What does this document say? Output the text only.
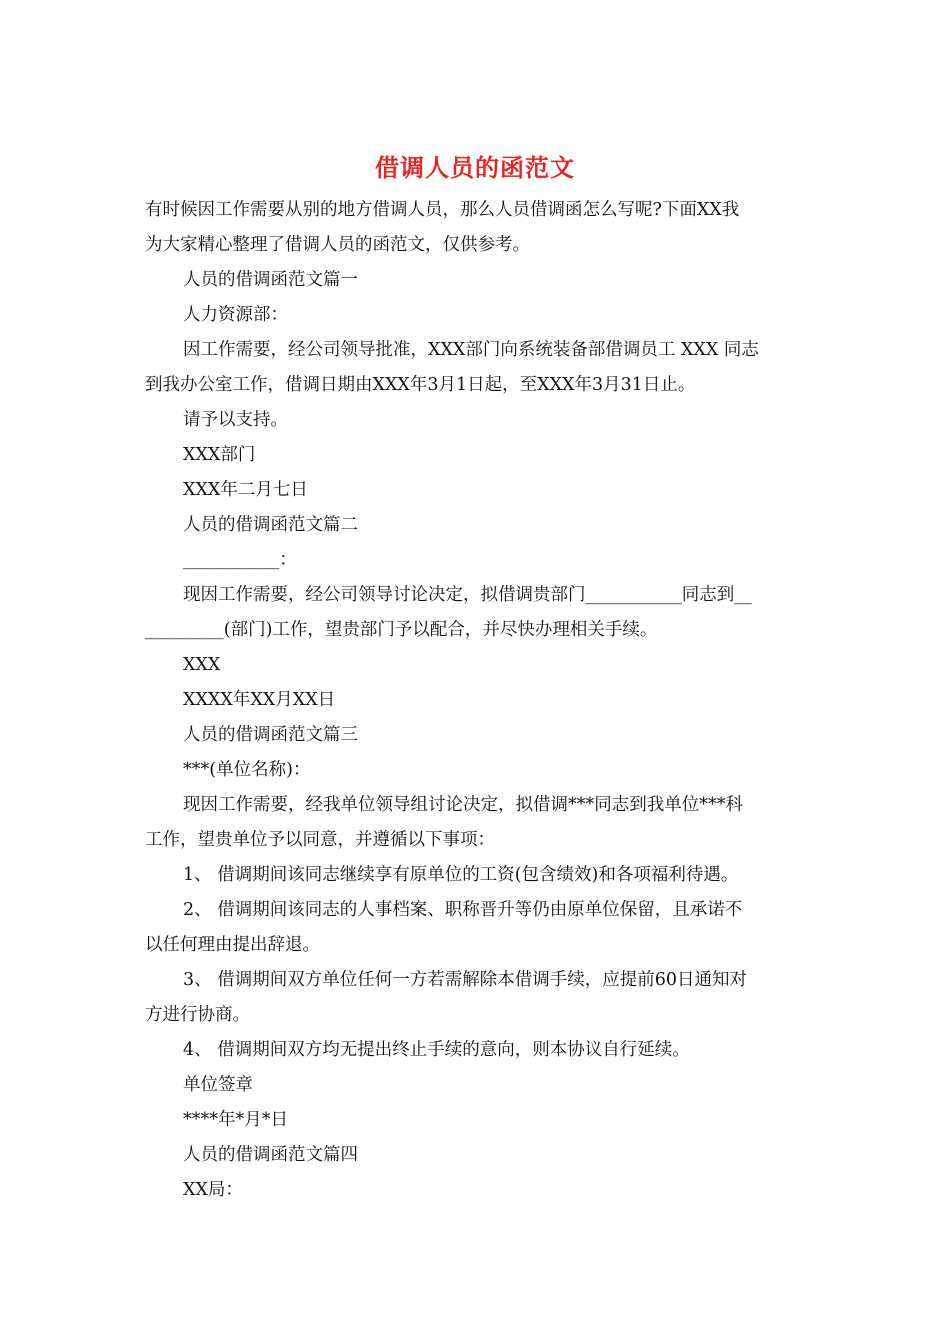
借调人员的函范文

有时候因工作需要从别的地方借调人员，那么人员借调函怎么写呢?下面XX我
为大家精心整理了借调人员的函范文，仅供参考。

人员的借调函范文篇一

人力资源部：

因工作需要，经公司领导批准，XXX部门向系统装备部借调员工 XXX 同志
到我办公室工作，借调日期由XXX年3月1日起，至XXX年3月31日止。

请予以支持。

XXX部门

XXX年二月七日

人员的借调函范文篇二

___________：

现因工作需要，经公司领导讨论决定，拟借调贵部门___________同志到__
_________(部门)工作，望贵部门予以配合，并尽快办理相关手续。

XXX

XXXX年XX月XX日

人员的借调函范文篇三

***(单位名称)：

现因工作需要，经我单位领导组讨论决定，拟借调***同志到我单位***科
工作，望贵单位予以同意，并遵循以下事项：

1、 借调期间该同志继续享有原单位的工资(包含绩效)和各项福利待遇。

2、 借调期间该同志的人事档案、职称晋升等仍由原单位保留，且承诺不
以任何理由提出辞退。

3、 借调期间双方单位任何一方若需解除本借调手续，应提前60日通知对
方进行协商。

4、 借调期间双方均无提出终止手续的意向，则本协议自行延续。

单位签章

****年*月*日

人员的借调函范文篇四

XX局：
